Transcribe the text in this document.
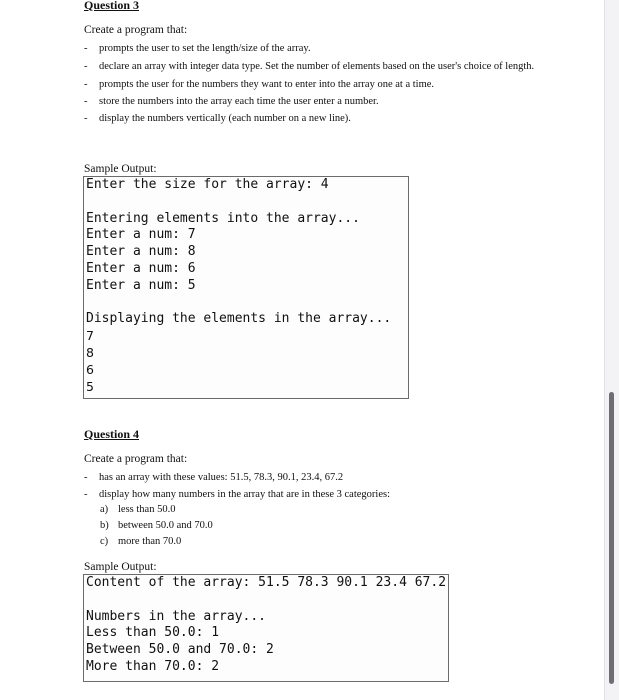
Question 3

Create a program that:

-	prompts the user to set the length/size of the array.
-	declare an array with integer data type. Set the number of elements based on the user's choice of length.
-	prompts the user for the numbers they want to enter into the array one at a time.
-	store the numbers into the array each time the user enter a number.
-	display the numbers vertically (each number on a new line).

Sample Output:

Enter the size for the array: 4
Entering elements into the array...
Enter a num: 7
Enter a num: 8
Enter a num: 6
Enter a num: 5
Displaying the elements in the array...
7
8
6
5

Question 4

Create a program that:

-	has an array with these values: 51.5, 78.3, 90.1, 23.4, 67.2
-	display how many numbers in the array that are in these 3 categories:
a) less than 50.0
b) between 50.0 and 70.0
c) more than 70.0

Sample Output:

Content of the array: 51.5 78.3 90.1 23.4 67.2
Numbers in the array...
Less than 50.0: 1
Between 50.0 and 70.0: 2
More than 70.0: 2
